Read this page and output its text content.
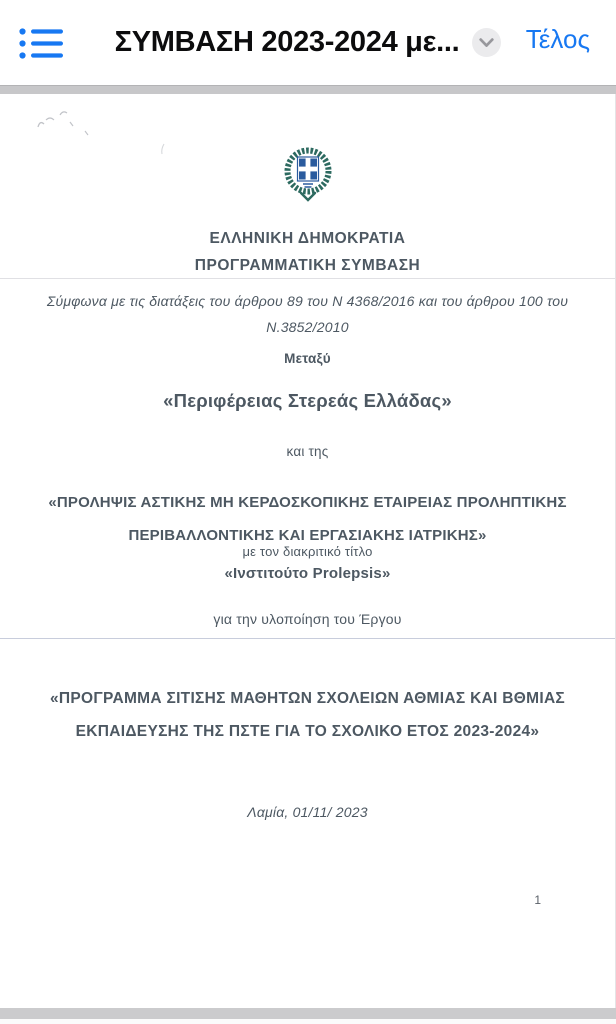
ΣΥΜΒΑΣΗ 2023-2024 με...	Τέλος
ΕΛΛΗΝΙΚΗ ΔΗΜΟΚΡΑΤΙΑ
ΠΡΟΓΡΑΜΜΑΤΙΚΗ ΣΥΜΒΑΣΗ
Σύμφωνα με τις διατάξεις του άρθρου 89 του Ν 4368/2016 και του άρθρου 100 του Ν.3852/2010
Μεταξύ
«Περιφέρειας Στερεάς Ελλάδας»
και της
«ΠΡΟΛΗΨΙΣ ΑΣΤΙΚΗΣ ΜΗ ΚΕΡΔΟΣΚΟΠΙΚΗΣ ΕΤΑΙΡΕΙΑΣ ΠΡΟΛΗΠΤΙΚΗΣ ΠΕΡΙΒΑΛΛΟΝΤΙΚΗΣ ΚΑΙ ΕΡΓΑΣΙΑΚΗΣ ΙΑΤΡΙΚΗΣ»
με τον διακριτικό τίτλο
«Ινστιτούτο Prolepsis»
για την υλοποίηση του Έργου
«ΠΡΟΓΡΑΜΜΑ ΣΙΤΙΣΗΣ ΜΑΘΗΤΩΝ ΣΧΟΛΕΙΩΝ ΑΘΜΙΑΣ ΚΑΙ ΒΘΜΙΑΣ ΕΚΠΑΙΔΕΥΣΗΣ ΤΗΣ ΠΣΤΕ ΓΙΑ ΤΟ ΣΧΟΛΙΚΟ ΕΤΟΣ 2023-2024»
Λαμία, 01/11/ 2023
1
